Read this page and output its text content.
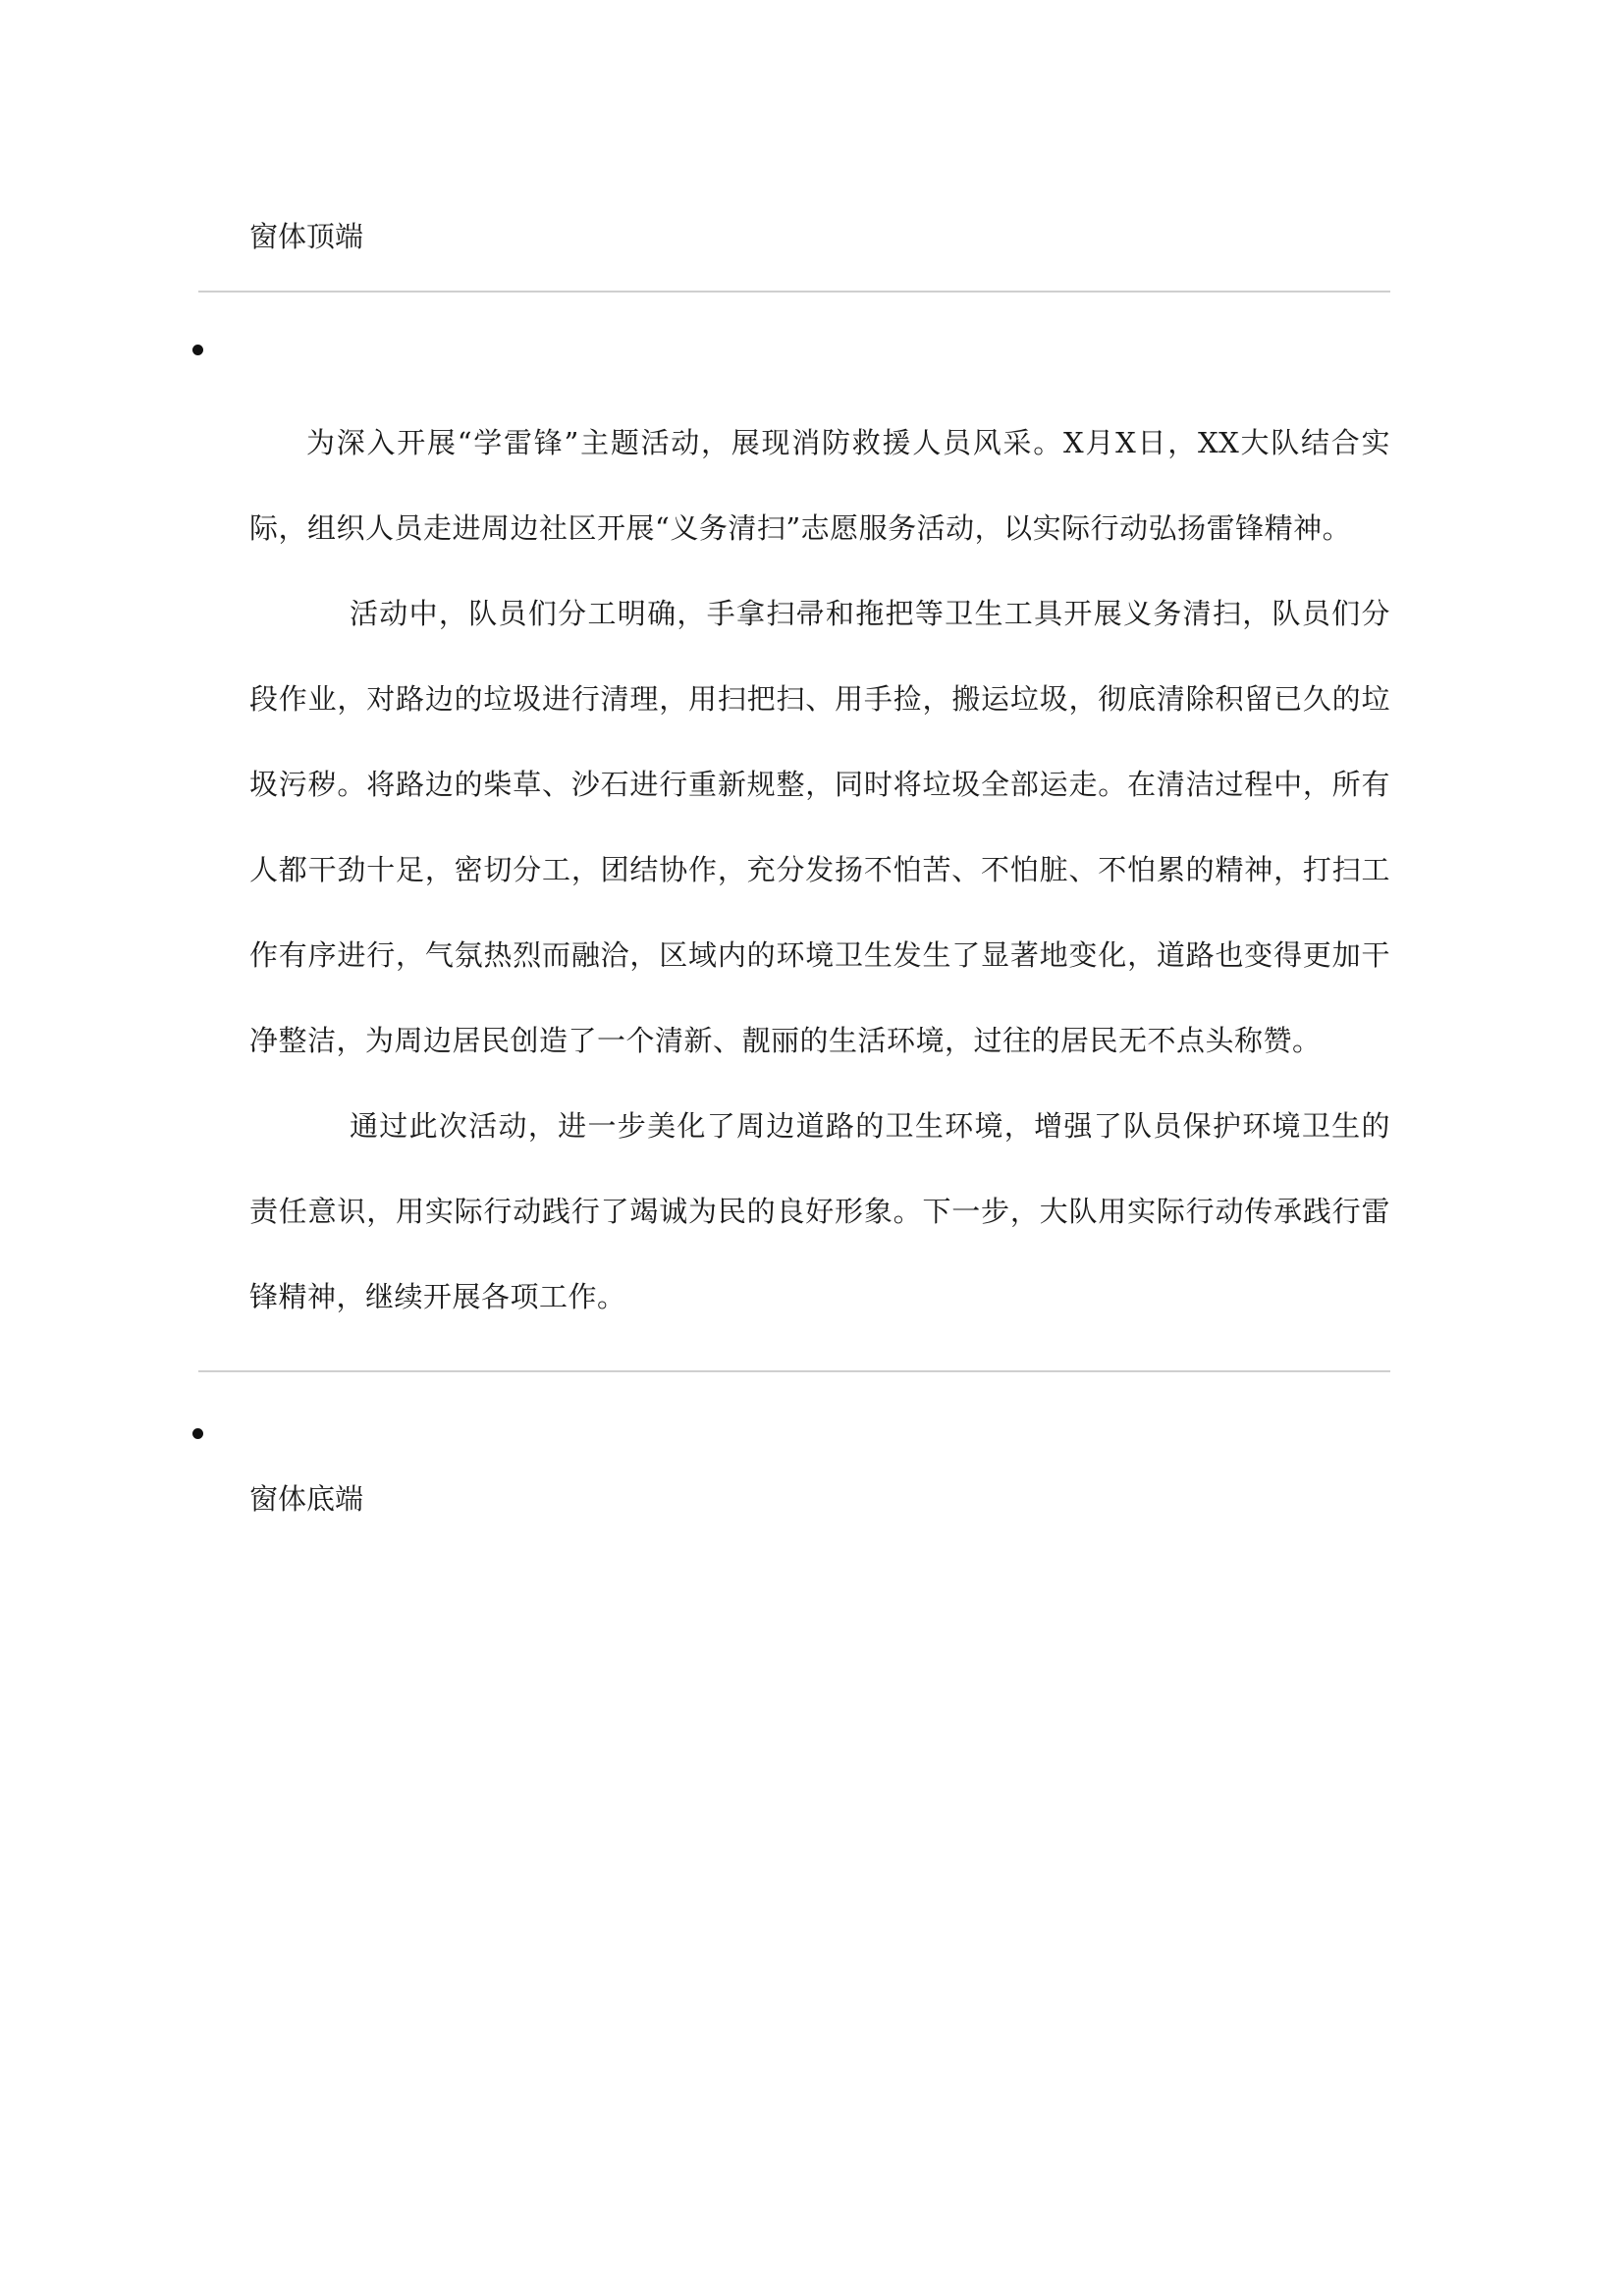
窗体顶端

为深入开展“学雷锋”主题活动，展现消防救援人员风采。X月X日，XX大队结合实际，组织人员走进周边社区开展“义务清扫”志愿服务活动，以实际行动弘扬雷锋精神。

活动中，队员们分工明确，手拿扫帚和拖把等卫生工具开展义务清扫，队员们分段作业，对路边的垃圾进行清理，用扫把扫、用手捡，搬运垃圾，彻底清除积留已久的垃圾污秽。将路边的柴草、沙石进行重新规整，同时将垃圾全部运走。在清洁过程中，所有人都干劲十足，密切分工，团结协作，充分发扬不怕苦、不怕脏、不怕累的精神，打扫工作有序进行，气氛热烈而融洽，区域内的环境卫生发生了显著地变化，道路也变得更加干净整洁，为周边居民创造了一个清新、靓丽的生活环境，过往的居民无不点头称赞。

通过此次活动，进一步美化了周边道路的卫生环境，增强了队员保护环境卫生的责任意识，用实际行动践行了竭诚为民的良好形象。下一步，大队用实际行动传承践行雷锋精神，继续开展各项工作。

窗体底端
